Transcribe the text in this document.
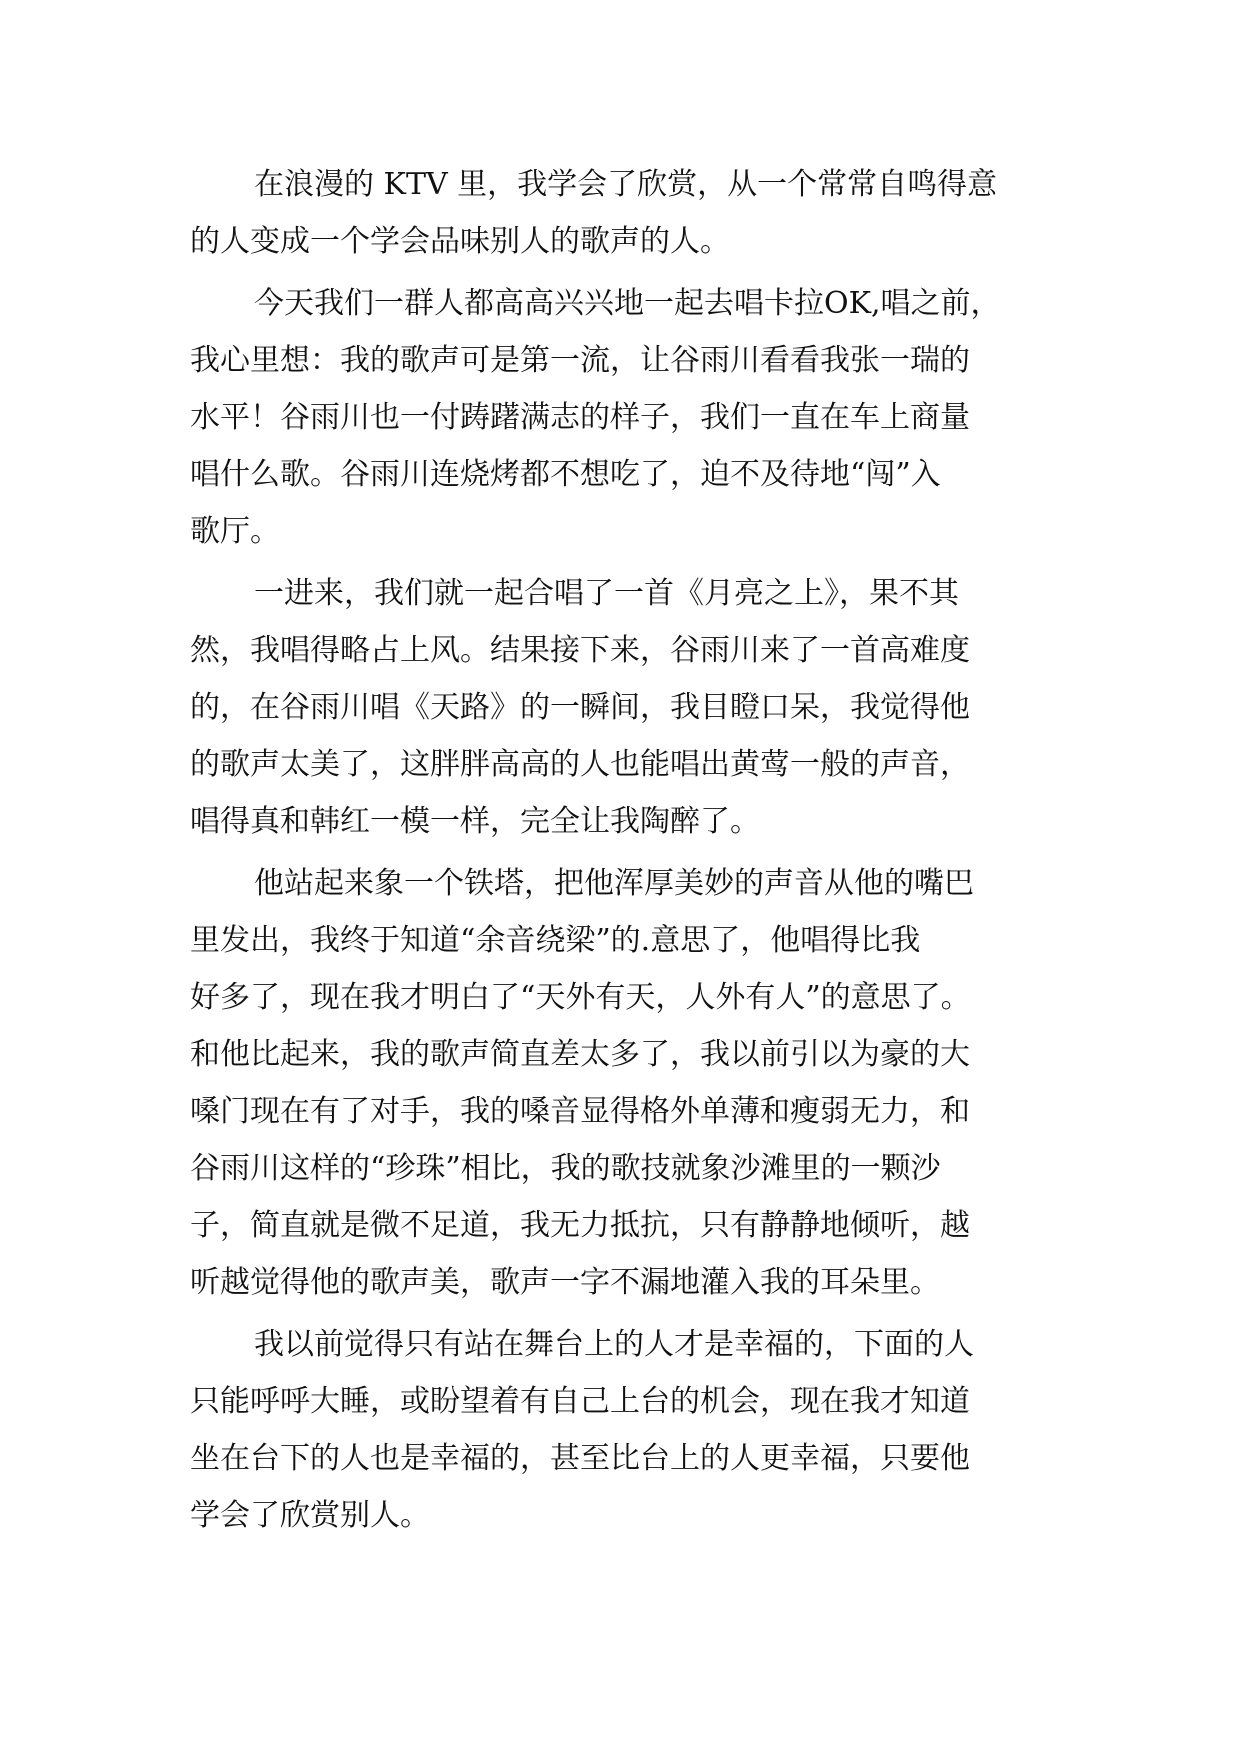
在浪漫的 KTV 里，我学会了欣赏，从一个常常自鸣得意
的人变成一个学会品味别人的歌声的人。

今天我们一群人都高高兴兴地一起去唱卡拉OK,唱之前，
我心里想：我的歌声可是第一流，让谷雨川看看我张一瑞的
水平！谷雨川也一付踌躇满志的样子，我们一直在车上商量
唱什么歌。谷雨川连烧烤都不想吃了，迫不及待地“闯”入
歌厅。

一进来，我们就一起合唱了一首《月亮之上》，果不其
然，我唱得略占上风。结果接下来，谷雨川来了一首高难度
的，在谷雨川唱《天路》的一瞬间，我目瞪口呆，我觉得他
的歌声太美了，这胖胖高高的人也能唱出黄莺一般的声音，
唱得真和韩红一模一样，完全让我陶醉了。

他站起来象一个铁塔，把他浑厚美妙的声音从他的嘴巴
里发出，我终于知道“余音绕梁”的.意思了，他唱得比我
好多了，现在我才明白了“天外有天，人外有人”的意思了。
和他比起来，我的歌声简直差太多了，我以前引以为豪的大
嗓门现在有了对手，我的嗓音显得格外单薄和瘦弱无力，和
谷雨川这样的“珍珠”相比，我的歌技就象沙滩里的一颗沙
子，简直就是微不足道，我无力抵抗，只有静静地倾听，越
听越觉得他的歌声美，歌声一字不漏地灌入我的耳朵里。

我以前觉得只有站在舞台上的人才是幸福的，下面的人
只能呼呼大睡，或盼望着有自己上台的机会，现在我才知道
坐在台下的人也是幸福的，甚至比台上的人更幸福，只要他
学会了欣赏别人。
